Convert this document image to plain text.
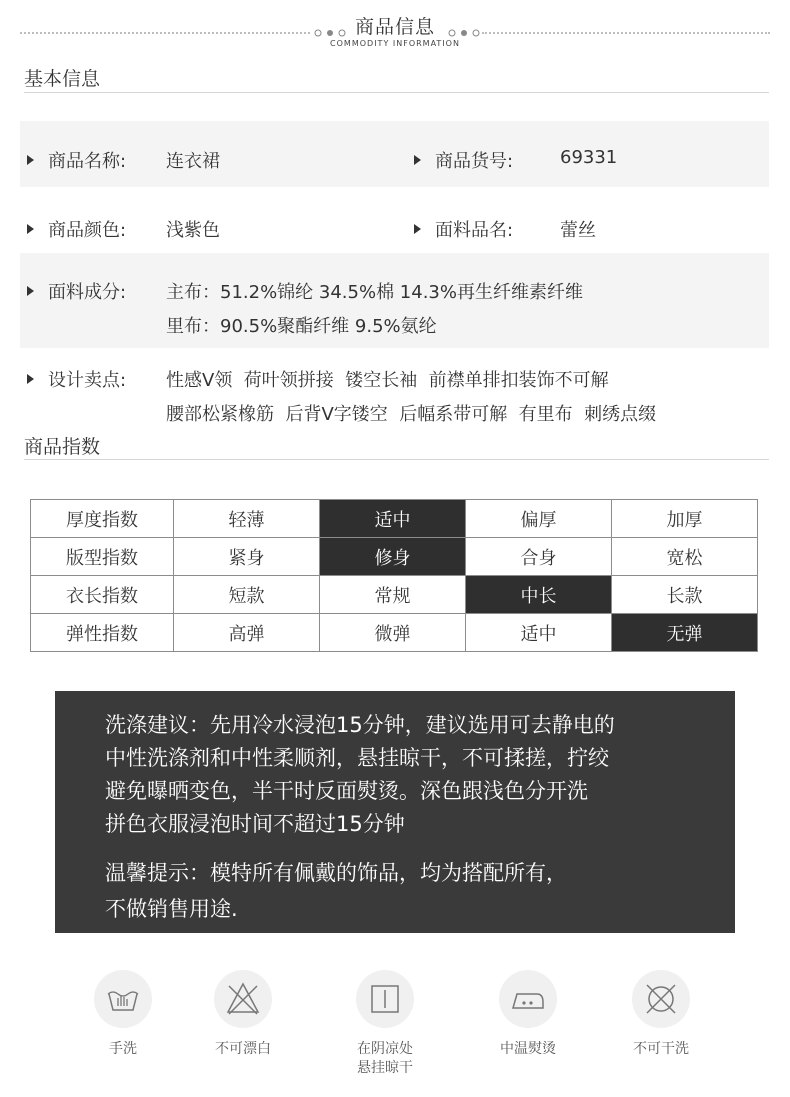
商品信息
COMMODITY INFORMATION
基本信息
商品名称: 连衣裙	商品货号:	69331
商品颜色: 浅紫色	面料品名:	蕾丝
面料成分: 主布：51.2%锦纶 34.5%棉 14.3%再生纤维素纤维
里布：90.5%聚酯纤维 9.5%氨纶
设计卖点: 性感V领  荷叶领拼接  镂空长袖  前襟单排扣装饰不可解
腰部松紧橡筋  后背V字镂空  后幅系带可解  有里布  刺绣点缀
商品指数
厚度指数	轻薄	适中	偏厚	加厚
版型指数	紧身	修身	合身	宽松
衣长指数	短款	常规	中长	长款
弹性指数	高弹	微弹	适中	无弹

洗涤建议：先用冷水浸泡15分钟，建议选用可去静电的

中性洗涤剂和中性柔顺剂，悬挂晾干，不可揉搓，拧绞

避免曝晒变色，半干时反面熨烫。深色跟浅色分开洗

拼色衣服浸泡时间不超过15分钟

温馨提示：模特所有佩戴的饰品，均为搭配所有，

不做销售用途.

手洗	不可漂白	在阴凉处
悬挂晾干
中温熨烫	不可干洗
